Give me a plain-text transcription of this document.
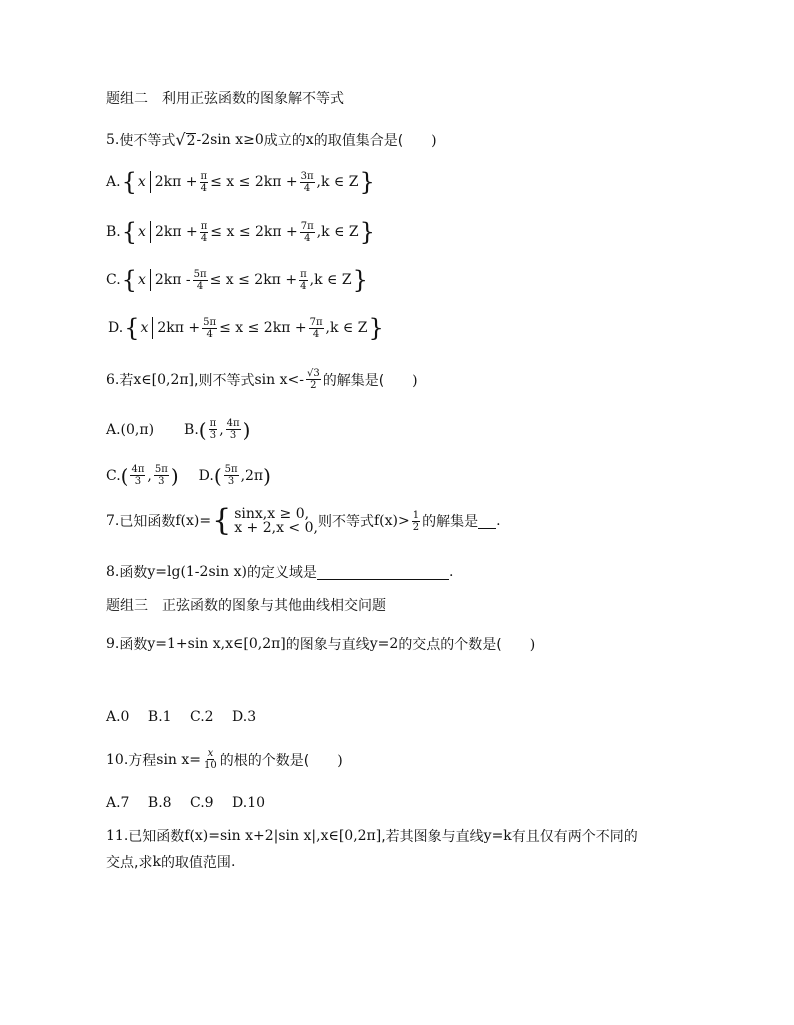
题组二　利用正弦函数的图象解不等式
5. 使不等式 √ 2 -2sin x≥0 成立的 x 的取值集合是( 　　)
A. { x $2k\pi + \frac{\pi}{4} \le x \le 2k\pi + \frac{3\pi}{4} ,k$ ∈ Z }
B. { x $2k\pi + \frac{\pi}{4} \le x \le 2k\pi + \frac{7\pi}{4} ,k$ ∈ Z }
C. { x $2k\pi - \frac{5\pi}{4} \le x \le 2k\pi + \frac{\pi}{4} ,k$ ∈ Z }
D. { x $2k\pi + \frac{5\pi}{4} \le x \le 2k\pi + \frac{7\pi}{4} ,k$ ∈ Z }
6. 若 x∈[0,2π] ,则不等式 $\sin x<- \frac{√3}{2}$ 的解集是( 　　)
A.(0,π) B. ( $\frac{\pi}{3}$ , $\frac{4\pi}{3}$ )
C. ( $\frac{4\pi}{3}$ , $\frac{5\pi}{3}$ ) D. ( $\frac{5\pi}{3} ,2\pi$ )
7. 已知函数 f(x)= { sinx,x ≥ 0,
x + 2,x < 0, 则不等式 $f(x)> \frac{1}{2}$ 的解集是 .
8. 函数 y=lg(1-2sin x) 的定义域是	.
题组三　正弦函数的图象与其他曲线相交问题
9. 函数 y=1+sin x,x∈[0,2π] 的图象与直线 y=2 的交点的个数是( 　　)
A.0　 B.1　 C.2　 D.3
10. 方程 $\sin x= \frac{x}{10}$ 的根的个数是( 　　)
A.7　 B.8　 C.9　 D.10
11. 已知函数 f(x)=sin x+2|sin x|,x∈[0,2π] ,若其图象与直线 y=k 有且仅有两个不同的
交点,求 k 的取值范围 .
